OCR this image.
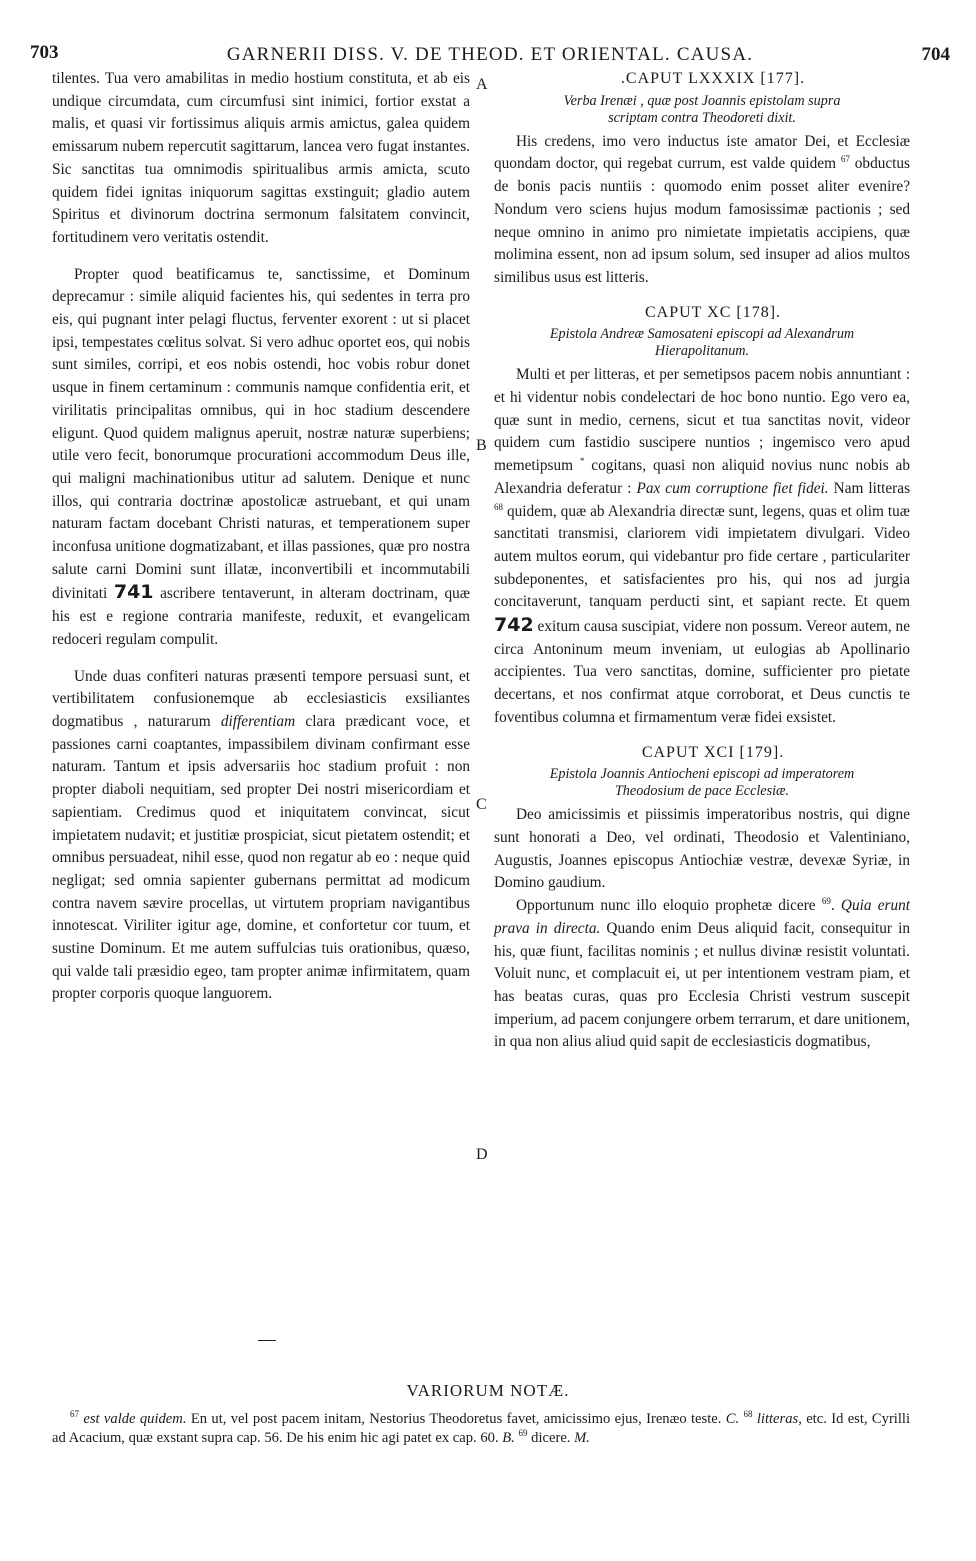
703	GARNERII DISS. V. DE THEOD. ET ORIENTAL. CAUSA.	704
A
B
C
D

tilentes. Tua vero amabilitas in medio hostium constituta, et ab eis undique circumdata, cum circumfusi sint inimici, fortior exstat a malis, et quasi vir fortissimus aliquis armis amictus, galea quidem emissarum nubem repercutit sagittarum, lancea vero fugat instantes. Sic sanctitas tua omnimodis spiritualibus armis amicta, scuto quidem fidei ignitas iniquorum sagittas exstinguit; gladio autem Spiritus et divinorum doctrina sermonum falsitatem convincit, fortitudinem vero veritatis ostendit.

Propter quod beatificamus te, sanctissime, et Dominum deprecamur : simile aliquid facientes his, qui sedentes in terra pro eis, qui pugnant inter pelagi fluctus, ferventer exorent : ut si placet ipsi, tempestates cœlitus solvat. Si vero adhuc oportet eos, qui nobis sunt similes, corripi, et eos nobis ostendi, hoc vobis robur donet usque in finem certaminum : communis namque confidentia erit, et virilitatis principalitas omnibus, qui in hoc stadium descendere eligunt. Quod quidem malignus aperuit, nostræ naturæ superbiens; utile vero fecit, bonorumque procurationi accommodum Deus ille, qui maligni machinationibus utitur ad salutem. Denique et nunc illos, qui contraria doctrinæ apostolicæ astruebant, et qui unam naturam factam docebant Christi naturas, et temperationem super inconfusa unitione dogmatizabant, et illas passiones, quæ pro nostra salute carni Domini sunt illatæ, inconvertibili et incommutabili divinitati 741 ascribere tentaverunt, in alteram doctrinam, quæ his est e regione contraria manifeste, reduxit, et evangelicam redoceri regulam compulit.

Unde duas confiteri naturas præsenti tempore persuasi sunt, et vertibilitatem confusionemque ab ecclesiasticis exsiliantes dogmatibus , naturarum differentiam clara prædicant voce, et passiones carni coaptantes, impassibilem divinam confirmant esse naturam. Tantum et ipsis adversariis hoc stadium profuit : non propter diaboli nequitiam, sed propter Dei nostri misericordiam et sapientiam. Credimus quod et iniquitatem convincat, sicut impietatem nudavit; et justitiæ prospiciat, sicut pietatem ostendit; et omnibus persuadeat, nihil esse, quod non regatur ab eo : neque quid negligat; sed omnia sapienter gubernans permittat ad modicum contra navem sævire procellas, ut virtutem propriam navigantibus innotescat. Viriliter igitur age, domine, et confortetur cor tuum, et sustine Dominum. Et me autem suffulcias tuis orationibus, quæso, qui valde tali præsidio egeo, tam propter animæ infirmitatem, quam propter corporis quoque languorem.

.CAPUT LXXXIX [177].

Verba Irenæi , quæ post Joannis epistolam supra
scriptam contra Theodoreti dixit.

His credens, imo vero inductus iste amator Dei, et Ecclesiæ quondam doctor, qui regebat currum, est valde quidem $^{67}$ obductus de bonis pacis nuntiis : quomodo enim posset aliter evenire? Nondum vero sciens hujus modum famosissimæ pactionis ; sed neque omnino in animo pro nimietate impietatis accipiens, quæ molimina essent, non ad ipsum solum, sed insuper ad alios multos similibus usus est litteris.

CAPUT XC [178].

Epistola Andreæ Samosateni episcopi ad Alexandrum
Hierapolitanum.

Multi et per litteras, et per semetipsos pacem nobis annuntiant : et hi videntur nobis condelectari de hoc bono nuntio. Ego vero ea, quæ sunt in medio, cernens, sicut et tua sanctitas novit, videor quidem cum fastidio suscipere nuntios ; ingemisco vero apud memetipsum * cogitans, quasi non aliquid novius nunc nobis ab Alexandria deferatur : Pax cum corruptione fiet fidei. Nam litteras $^{68}$ quidem, quæ ab Alexandria directæ sunt, legens, quas et olim tuæ sanctitati transmisi, clariorem vidi impietatem divulgari. Video autem multos eorum, qui videbantur pro fide certare , particulariter subdeponentes, et satisfacientes pro his, qui nos ad jurgia concitaverunt, tanquam perducti sint, et sapiant recte. Et quem 742 exitum causa suscipiat, videre non possum. Vereor autem, ne circa Antoninum meum inveniam, ut eulogias ab Apollinario accipientes. Tua vero sanctitas, domine, sufficienter pro pietate decertans, et nos confirmat atque corroborat, et Deus cunctis te foventibus columna et firmamentum veræ fidei exsistet.

CAPUT XCI [179].

Epistola Joannis Antiocheni episcopi ad imperatorem
Theodosium de pace Ecclesiæ.

Deo amicissimis et piissimis imperatoribus nostris, qui digne sunt honorati a Deo, vel ordinati, Theodosio et Valentiniano, Augustis, Joannes episcopus Antiochiæ vestræ, devexæ Syriæ, in Domino gaudium.

Opportunum nunc illo eloquio prophetæ dicere $^{69}$. Quia erunt prava in directa. Quando enim Deus aliquid facit, consequitur in his, quæ fiunt, facilitas nominis ; et nullus divinæ resistit voluntati. Voluit nunc, et complacuit ei, ut per intentionem vestram piam, et has beatas curas, quas pro Ecclesia Christi vestrum suscepit imperium, ad pacem conjungere orbem terrarum, et dare unitionem, in qua non alius aliud quid sapit de ecclesiasticis dogmatibus,

VARIORUM NOTÆ.

$^{67}$ est valde quidem. En ut, vel post pacem initam, Nestorius Theodoretus favet, amicissimo ejus, Irenæo teste. C. $^{68}$ litteras, etc. Id est, Cyrilli ad Acacium, quæ exstant supra cap. 56. De his enim hic agi patet ex cap. 60. B. $^{69}$ dicere. M.
